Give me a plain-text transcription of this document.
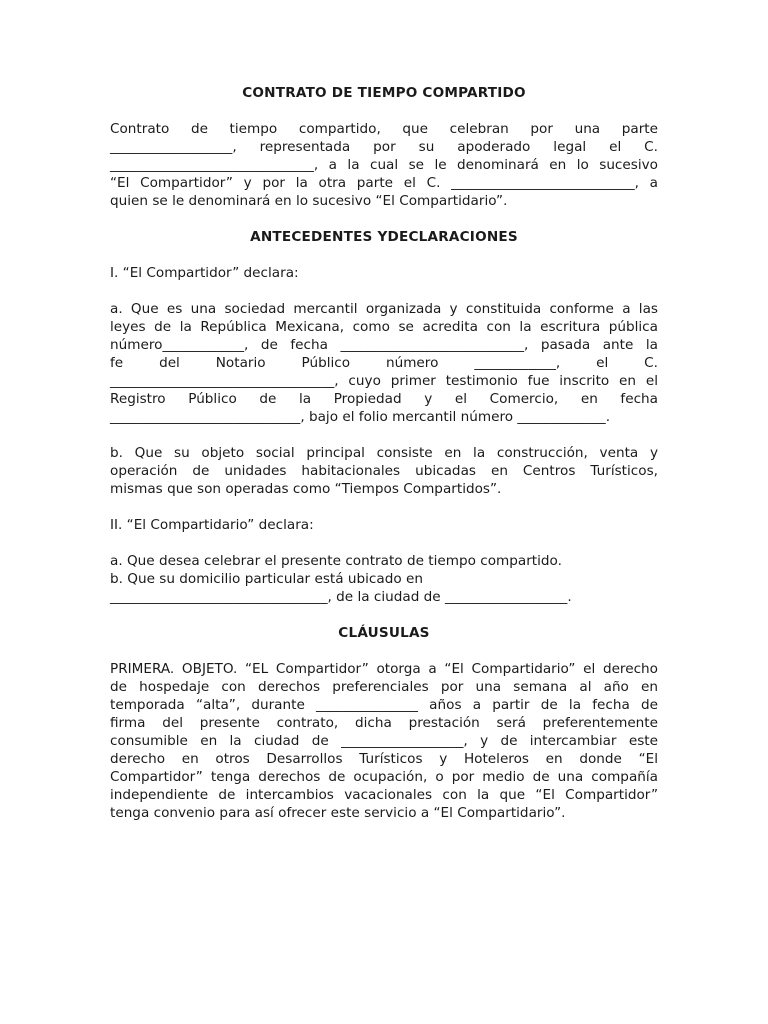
CONTRATO DE TIEMPO COMPARTIDO

Contrato de tiempo compartido, que celebran por una parte
__________________, representada por su apoderado legal el C.
______________________________, a la cual se le denominará en lo sucesivo
“El Compartidor” y por la otra parte el C. ___________________________, a
quien se le denominará en lo sucesivo “El Compartidario”.

ANTECEDENTES YDECLARACIONES

I. “El Compartidor” declara:
a. Que es una sociedad mercantil organizada y constituida conforme a las
leyes de la República Mexicana, como se acredita con la escritura pública
número____________, de fecha ___________________________, pasada ante la
fe del Notario Público número ____________, el C.
_________________________________, cuyo primer testimonio fue inscrito en el
Registro Público de la Propiedad y el Comercio, en fecha
____________________________, bajo el folio mercantil número _____________.
b. Que su objeto social principal consiste en la construcción, venta y
operación de unidades habitacionales ubicadas en Centros Turísticos,
mismas que son operadas como “Tiempos Compartidos”.
II. “El Compartidario” declara:
a. Que desea celebrar el presente contrato de tiempo compartido.
b. Que su domicilio particular está ubicado en
________________________________, de la ciudad de __________________.

CLÁUSULAS

PRIMERA. OBJETO. “EL Compartidor” otorga a “El Compartidario” el derecho
de hospedaje con derechos preferenciales por una semana al año en
temporada “alta”, durante _______________ años a partir de la fecha de
firma del presente contrato, dicha prestación será preferentemente
consumible en la ciudad de __________________, y de intercambiar este
derecho en otros Desarrollos Turísticos y Hoteleros en donde “El
Compartidor” tenga derechos de ocupación, o por medio de una compañía
independiente de intercambios vacacionales con la que “El Compartidor”
tenga convenio para así ofrecer este servicio a “El Compartidario”.
